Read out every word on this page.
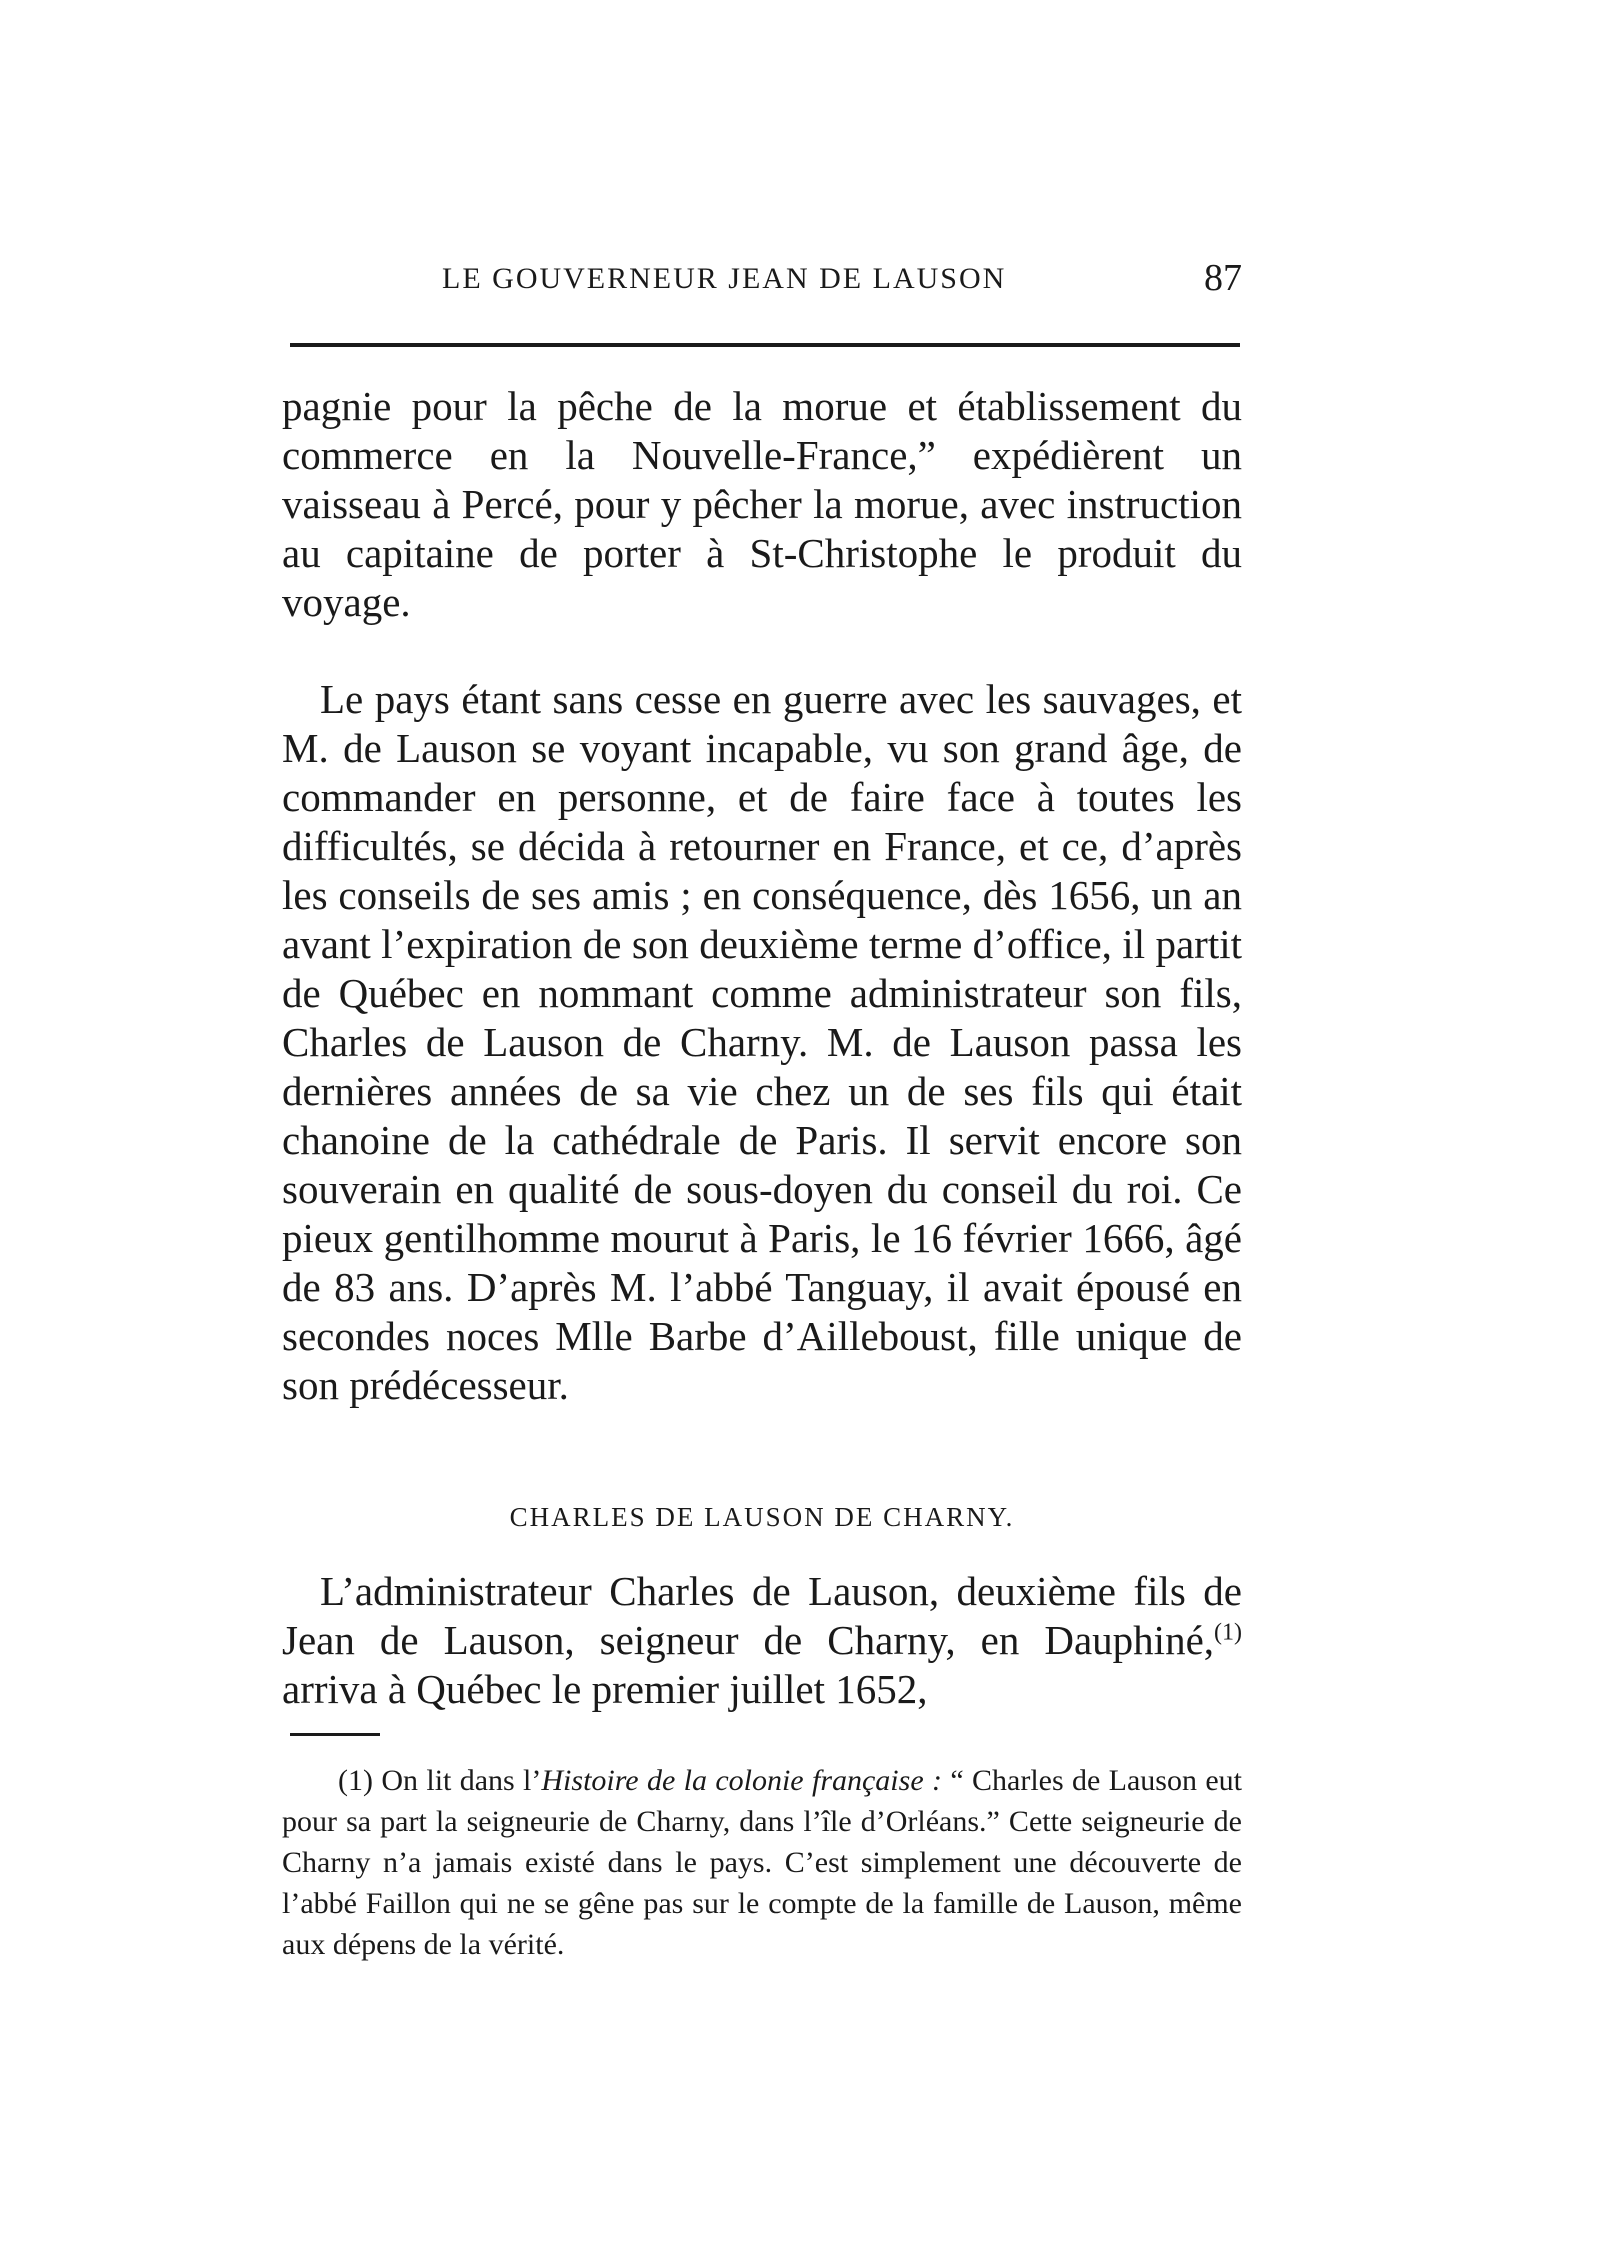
LE GOUVERNEUR JEAN DE LAUSON	87

pagnie pour la pêche de la morue et établissement du commerce en la Nouvelle-France,” expédièrent un vaisseau à Percé, pour y pêcher la morue, avec instruction au capitaine de porter à St-Christophe le produit du voyage.

Le pays étant sans cesse en guerre avec les sauvages, et M. de Lauson se voyant incapable, vu son grand âge, de commander en personne, et de faire face à toutes les difficultés, se décida à retourner en France, et ce, d’après les conseils de ses amis ; en conséquence, dès 1656, un an avant l’expiration de son deuxième terme d’office, il partit de Québec en nommant comme administrateur son fils, Charles de Lauson de Charny. M. de Lauson passa les dernières années de sa vie chez un de ses fils qui était chanoine de la cathédrale de Paris. Il servit encore son souverain en qualité de sous-doyen du conseil du roi. Ce pieux gentilhomme mourut à Paris, le 16 février 1666, âgé de 83 ans. D’après M. l’abbé Tanguay, il avait épousé en secondes noces Mlle Barbe d’Ailleboust, fille unique de son prédécesseur.

CHARLES DE LAUSON DE CHARNY.

L’administrateur Charles de Lauson, deuxième fils de Jean de Lauson, seigneur de Charny, en Dauphiné,$^{(1)}$ arriva à Québec le premier juillet 1652,

(1) On lit dans l’Histoire de la colonie française : “ Charles de Lauson eut pour sa part la seigneurie de Charny, dans l’île d’Orléans.” Cette seigneurie de Charny n’a jamais existé dans le pays. C’est simplement une découverte de l’abbé Faillon qui ne se gêne pas sur le compte de la famille de Lauson, même aux dépens de la vérité.
